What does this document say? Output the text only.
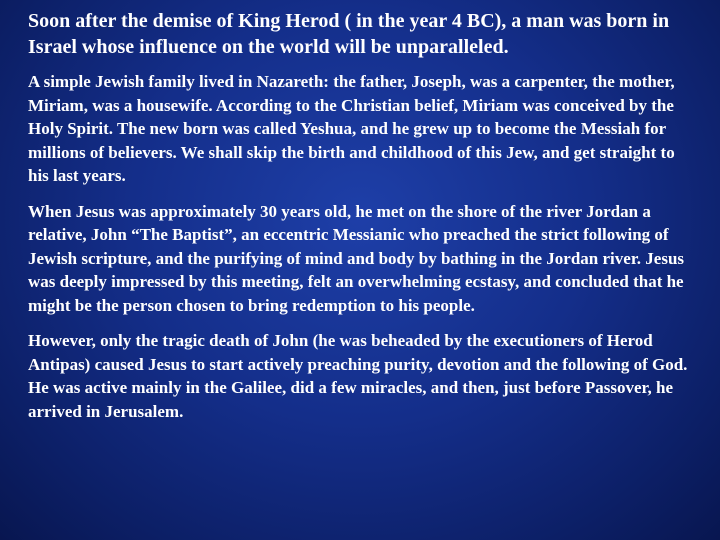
Soon after the demise of King Herod ( in the year 4 BC), a man was born in Israel whose influence on the world will be unparalleled.

A simple Jewish family lived in Nazareth: the father, Joseph, was a carpenter, the mother, Miriam, was a housewife. According to the Christian belief, Miriam was conceived by the Holy Spirit. The new born was called Yeshua, and he grew up to become the Messiah for millions of believers. We shall skip the birth and childhood of this Jew, and get straight to his last years.

When Jesus was approximately 30 years old, he met on the shore of the river Jordan a relative, John “The Baptist”, an eccentric Messianic who preached the strict following of Jewish scripture, and the purifying of mind and body by bathing in the Jordan river. Jesus was deeply impressed by this meeting, felt an overwhelming ecstasy, and concluded that he might be the person chosen to bring redemption to his people.

However, only the tragic death of John (he was beheaded by the executioners of Herod Antipas) caused Jesus to start actively preaching purity, devotion and the following of God. He was active mainly in the Galilee, did a few miracles, and then, just before Passover, he arrived in Jerusalem.
